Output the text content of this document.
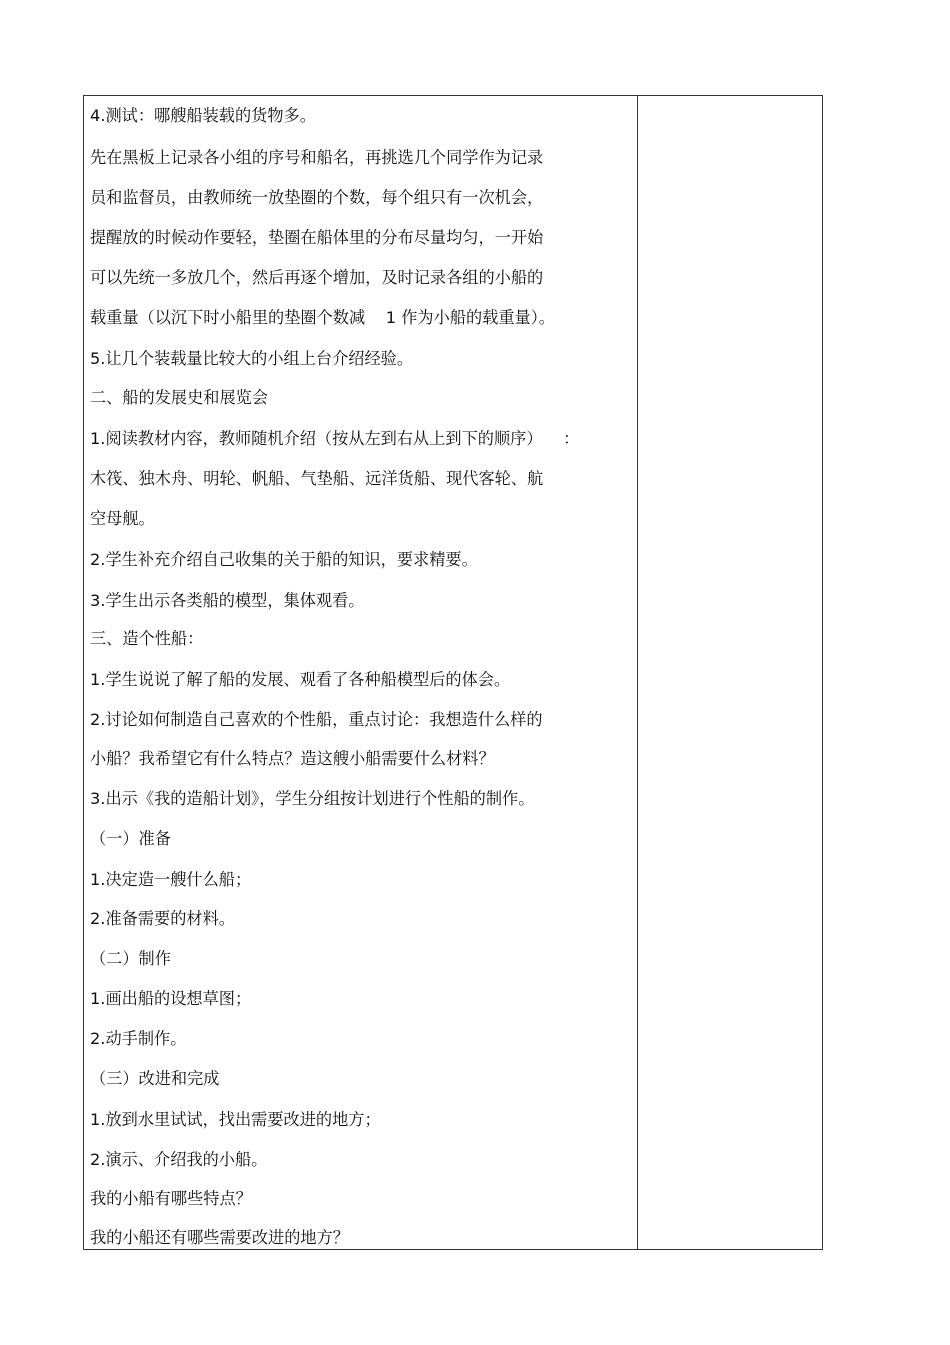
4.测试：哪艘船装载的货物多。
先在黑板上记录各小组的序号和船名，再挑选几个同学作为记录
员和监督员，由教师统一放垫圈的个数，每个组只有一次机会，
提醒放的时候动作要轻，垫圈在船体里的分布尽量均匀，一开始
可以先统一多放几个，然后再逐个增加，及时记录各组的小船的
载重量（以沉下时小船里的垫圈个数减    1 作为小船的载重量）。
5.让几个装载量比较大的小组上台介绍经验。
二、船的发展史和展览会
1.阅读教材内容，教师随机介绍（按从左到右从上到下的顺序）    ：
木筏、独木舟、明轮、帆船、气垫船、远洋货船、现代客轮、航
空母舰。
2.学生补充介绍自己收集的关于船的知识，要求精要。
3.学生出示各类船的模型，集体观看。
三、造个性船：
1.学生说说了解了船的发展、观看了各种船模型后的体会。
2.讨论如何制造自己喜欢的个性船，重点讨论：我想造什么样的
小船？我希望它有什么特点？造这艘小船需要什么材料？
3.出示《我的造船计划》，学生分组按计划进行个性船的制作。
（一）准备
1.决定造一艘什么船；
2.准备需要的材料。
（二）制作
1.画出船的设想草图；
2.动手制作。
（三）改进和完成
1.放到水里试试，找出需要改进的地方；
2.演示、介绍我的小船。
我的小船有哪些特点？
我的小船还有哪些需要改进的地方？
